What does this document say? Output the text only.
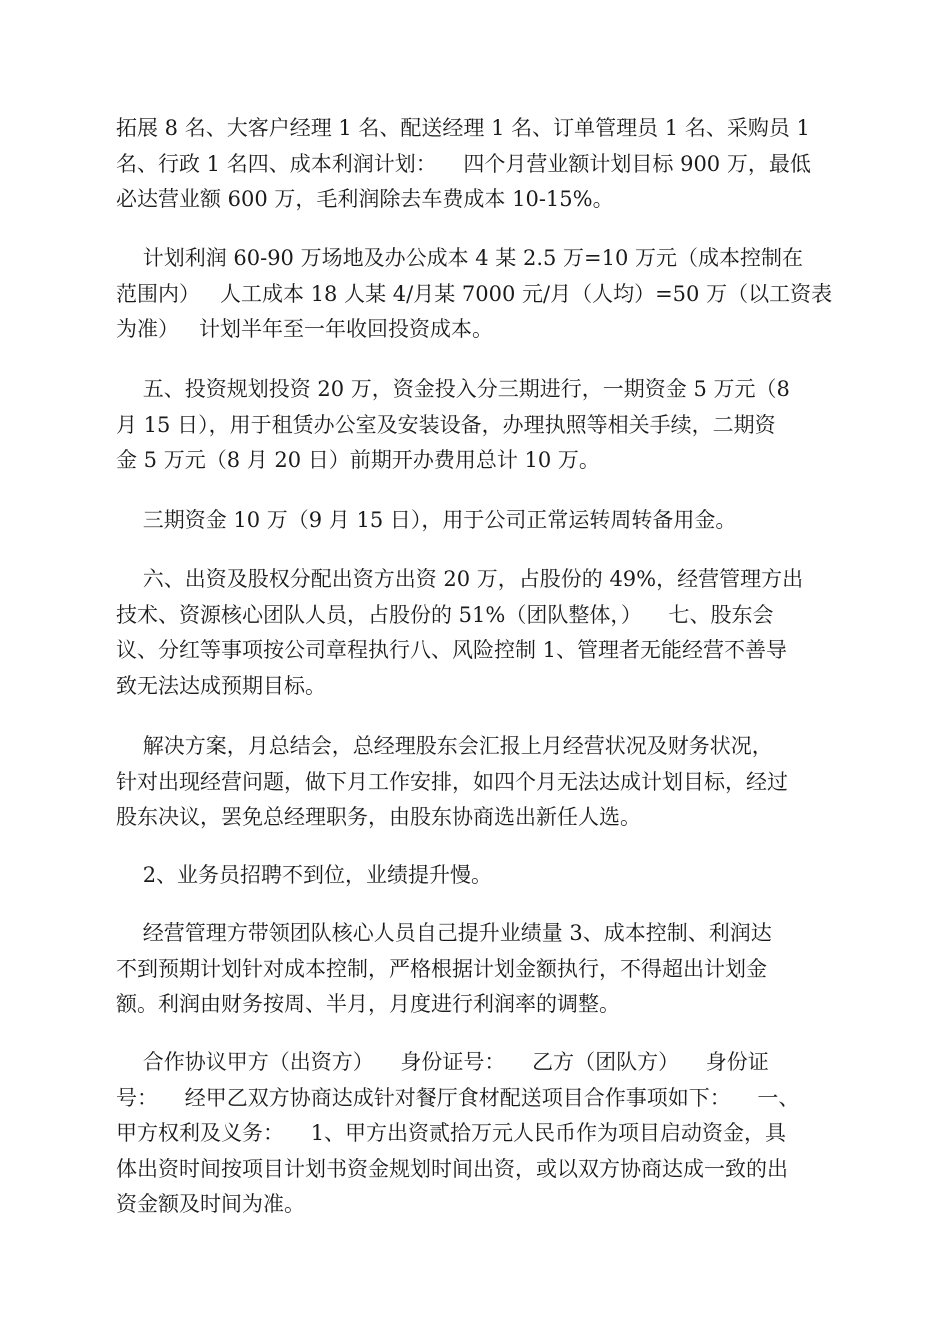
拓展 8 名、大客户经理 1 名、配送经理 1 名、订单管理员 1 名、采购员 1
名、行政 1 名四、成本利润计划：    四个月营业额计划目标 900 万，最低
必达营业额 600 万，毛利润除去车费成本 10-15%。

计划利润 60-90 万场地及办公成本 4 某 2.5 万=10 万元（成本控制在
范围内）   人工成本 18 人某 4/月某 7000 元/月（人均）=50 万（以工资表
为准）   计划半年至一年收回投资成本。

五、投资规划投资 20 万，资金投入分三期进行，一期资金 5 万元（8
月 15 日），用于租赁办公室及安装设备，办理执照等相关手续，二期资
金 5 万元（8 月 20 日）前期开办费用总计 10 万。

三期资金 10 万（9 月 15 日），用于公司正常运转周转备用金。

六、出资及股权分配出资方出资 20 万，占股份的 49%，经营管理方出
技术、资源核心团队人员，占股份的 51%（团队整体，）    七、股东会
议、分红等事项按公司章程执行八、风险控制 1、管理者无能经营不善导
致无法达成预期目标。

解决方案，月总结会，总经理股东会汇报上月经营状况及财务状况，
针对出现经营问题，做下月工作安排，如四个月无法达成计划目标，经过
股东决议，罢免总经理职务，由股东协商选出新任人选。

2、业务员招聘不到位，业绩提升慢。

经营管理方带领团队核心人员自己提升业绩量 3、成本控制、利润达
不到预期计划针对成本控制，严格根据计划金额执行，不得超出计划金
额。利润由财务按周、半月，月度进行利润率的调整。

合作协议甲方（出资方）    身份证号：    乙方（团队方）    身份证
号：    经甲乙双方协商达成针对餐厅食材配送项目合作事项如下：    一、
甲方权利及义务：    1、甲方出资贰拾万元人民币作为项目启动资金，具
体出资时间按项目计划书资金规划时间出资，或以双方协商达成一致的出
资金额及时间为准。
